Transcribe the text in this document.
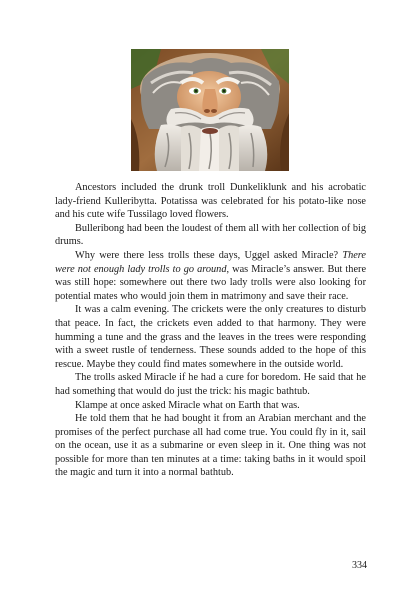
Ancestors included the drunk troll Dunkeliklunk and his acrobatic lady-friend Kulleribytta. Potatissa was celebrated for his potato-like nose and his cute wife Tussilago loved flowers.

Bulleribong had been the loudest of them all with her collection of big drums.

Why were there less trolls these days, Uggel asked Miracle? There were not enough lady trolls to go around, was Miracle’s answer. But there was still hope: somewhere out there two lady trolls were also looking for potential mates who would join them in matrimony and save their race.

It was a calm evening. The crickets were the only creatures to disturb that peace. In fact, the crickets even added to that harmony. They were humming a tune and the grass and the leaves in the trees were responding with a sweet rustle of tenderness. These sounds added to the hope of this rescue. Maybe they could find mates somewhere in the outside world.

The trolls asked Miracle if he had a cure for boredom. He said that he had something that would do just the trick: his magic bathtub.

Klampe at once asked Miracle what on Earth that was.

He told them that he had bought it from an Arabian merchant and the promises of the perfect purchase all had come true. You could fly in it, sail on the ocean, use it as a submarine or even sleep in it. One thing was not possible for more than ten minutes at a time: taking baths in it would spoil the magic and turn it into a normal bathtub.

334
